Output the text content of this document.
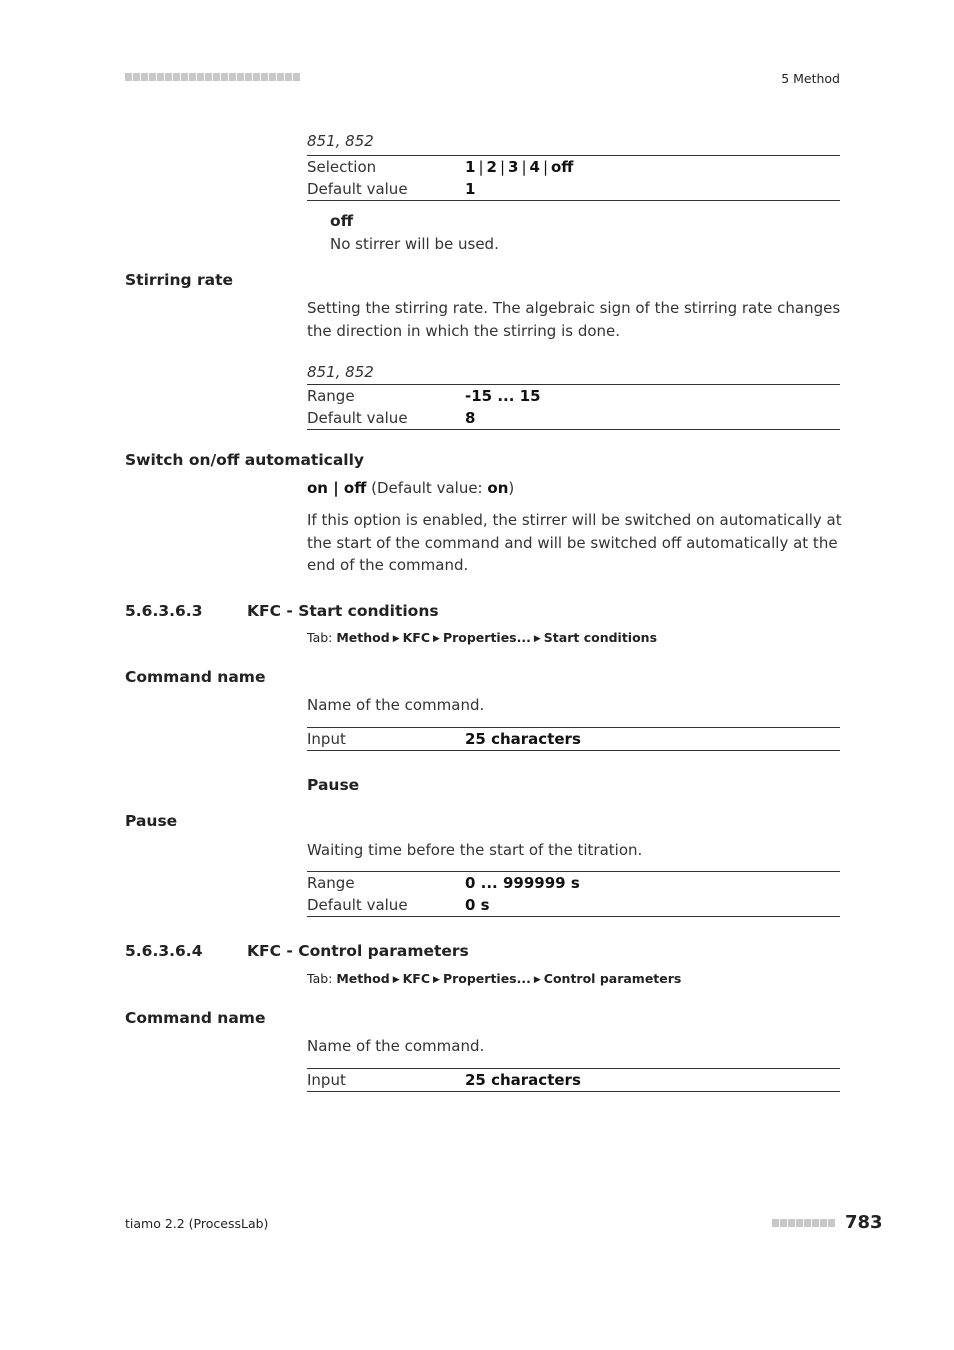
5 Method
851, 852
Selection	1 | 2 | 3 | 4 | off
Default value	1
off
No stirrer will be used.
Stirring rate
Setting the stirring rate. The algebraic sign of the stirring rate changes the direction in which the stirring is done.
851, 852
Range	-15 ... 15
Default value	8
Switch on/off automatically
on | off (Default value: on)
If this option is enabled, the stirrer will be switched on automatically at the start of the command and will be switched off automatically at the end of the command.
5.6.3.6.3	KFC - Start conditions
Tab: Method ▶ KFC ▶ Properties... ▶ Start conditions
Command name
Name of the command.
Input	25 characters
Pause
Pause
Waiting time before the start of the titration.
Range	0 ... 999999 s
Default value	0 s
5.6.3.6.4	KFC - Control parameters
Tab: Method ▶ KFC ▶ Properties... ▶ Control parameters
Command name
Name of the command.
Input	25 characters
tiamo 2.2 (ProcessLab)	783
